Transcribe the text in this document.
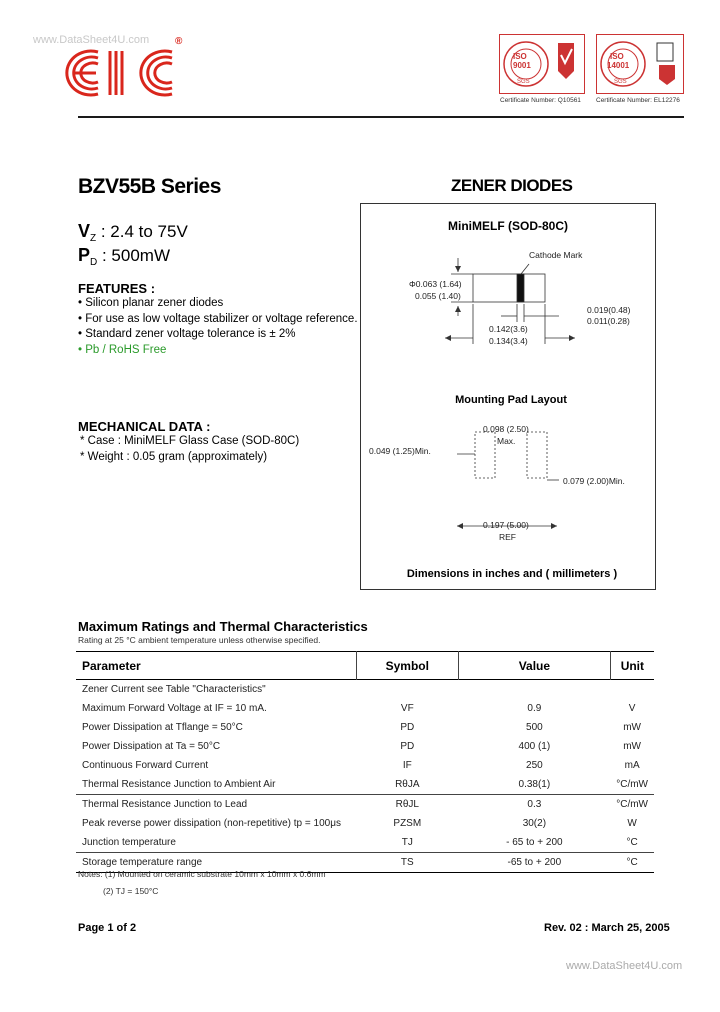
www.DataSheet4U.com	®
ISO
9001
SGS
Certificate Number: Q10561
ISO
14001
SGS
Certificate Number: EL12276
BZV55B Series	ZENER DIODES
$V_Z$ : 2.4 to 75V
$P_D$ : 500mW
FEATURES :
• Silicon planar zener diodes
• For use as low voltage stabilizer or voltage reference.
• Standard zener voltage tolerance is ± 2%
• Pb / RoHS Free
MECHANICAL DATA :
* Case : MiniMELF Glass Case (SOD-80C)
* Weight : 0.05 gram (approximately)
MiniMELF (SOD-80C)
Cathode Mark
Φ0.063 (1.64)
0.055 (1.40)
0.019(0.48)
0.011(0.28)
0.142(3.6)
0.134(3.4)
Mounting Pad Layout
0.098 (2.50)
Max.
0.049 (1.25)Min.
0.079 (2.00)Min.
0.197 (5.00)
REF
Dimensions in inches and ( millimeters )
Maximum Ratings and Thermal Characteristics
Rating at 25 °C ambient temperature unless otherwise specified.
Parameter	Symbol	Value	Unit
Zener Current see Table "Characteristics"			
Maximum Forward Voltage at IF = 10 mA.	VF	0.9	V
Power Dissipation at Tflange = 50°C	PD	500	mW
Power Dissipation at Ta = 50°C	PD	400 (1)	mW
Continuous Forward Current	IF	250	mA
Thermal Resistance Junction to Ambient Air	RθJA	0.38(1)	°C/mW
Thermal Resistance Junction to Lead	RθJL	0.3	°C/mW
Peak reverse power dissipation (non-repetitive) tp = 100μs	PZSM	30(2)	W
Junction temperature	TJ	- 65 to + 200	°C
Storage temperature range	TS	-65 to + 200	°C
Notes: (1) Mounted on ceramic substrate 10mm x 10mm x 0.6mm
(2) TJ = 150°C
Page 1 of 2	Rev. 02 : March 25, 2005
www.DataSheet4U.com
